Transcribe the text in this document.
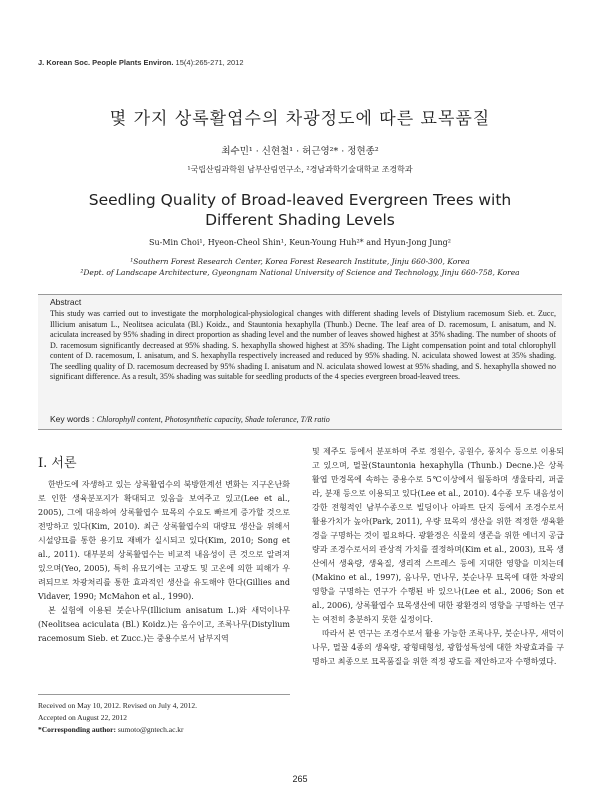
J. Korean Soc. People Plants Environ. 15(4):265-271, 2012
몇 가지 상록활엽수의 차광정도에 따른 묘목품질
최수민¹ · 신현철¹ · 허근영²* · 정현종²
¹국립산림과학원 남부산림연구소, ²경남과학기술대학교 조경학과
Seedling Quality of Broad-leaved Evergreen Trees with
Different Shading Levels
Su-Min Choi¹, Hyeon-Cheol Shin¹, Keun-Young Huh²* and Hyun-Jong Jung²
¹Southern Forest Research Center, Korea Forest Research Institute, Jinju 660-300, Korea
²Dept. of Landscape Architecture, Gyeongnam National University of Science and Technology, Jinju 660-758, Korea
Abstract
This study was carried out to investigate the morphological-physiological changes with different shading levels of Distylium racemosum Sieb. et. Zucc, Illicium anisatum L., Neolitsea aciculata (Bl.) Koidz., and Stauntonia hexaphylla (Thunb.) Decne. The leaf area of D. racemosum, I. anisatum, and N. aciculata increased by 95% shading in direct proportion as shading level and the number of leaves showed highest at 35% shading. The number of shoots of D. racemosum significantly decreased at 95% shading. S. hexaphylla showed highest at 35% shading. The Light compensation point and total chlorophyll content of D. racemosum, I. anisatum, and S. hexaphylla respectively increased and reduced by 95% shading. N. aciculata showed lowest at 35% shading. The seedling quality of D. racemosum decreased by 95% shading I. anisatum and N. aciculata showed lowest at 95% shading, and S. hexaphylla showed no significant difference. As a result, 35% shading was suitable for seedling products of the 4 species evergreen broad-leaved trees.
Key words : Chlorophyll content, Photosynthetic capacity, Shade tolerance, T/R ratio
Ⅰ. 서론

한반도에 자생하고 있는 상록활엽수의 북방한계선 변화는 지구온난화로 인한 생육분포지가 확대되고 있음을 보여주고 있고(Lee et al., 2005), 그에 대응하여 상록활엽수 묘목의 수요도 빠르게 증가할 것으로 전망하고 있다(Kim, 2010). 최근 상록활엽수의 대량묘 생산을 위해서 시설양묘를 통한 용기묘 재배가 실시되고 있다(Kim, 2010; Song et al., 2011). 대부분의 상록활엽수는 비교적 내음성이 큰 것으로 알려져 있으며(Yeo, 2005), 특히 유묘기에는 고광도 및 고온에 의한 피해가 우려되므로 차광처리를 통한 효과적인 생산을 유도해야 한다(Gillies and Vidaver, 1990; McMahon et al., 1990).

본 실험에 이용된 붓순나무(Illicium anisatum L.)와 새덕이나무(Neolitsea aciculata (Bl.) Koidz.)는 음수이고, 조록나무(Distylium racemosum Sieb. et Zucc.)는 중용수로서 남부지역

및 제주도 등에서 분포하며 주로 정원수, 공원수, 풍치수 등으로 이용되고 있으며, 멀꿀(Stauntonia hexaphylla (Thunb.) Decne.)은 상록활엽 만경목에 속하는 중용수로 5℃이상에서 월동하며 생울타리, 퍼골라, 분재 등으로 이용되고 있다(Lee et al., 2010). 4수종 모두 내음성이 강한 전형적인 남부수종으로 빌딩이나 아파트 단지 등에서 조경수로서 활용가치가 높아(Park, 2011), 우량 묘목의 생산을 위한 적정한 생육환경을 구명하는 것이 필요하다. 광환경은 식물의 생존을 위한 에너지 공급량과 조경수로서의 관상적 가치를 결정하며(Kim et al., 2003), 묘목 생산에서 생육량, 생육질, 생리적 스트레스 등에 지대한 영향을 미치는데(Makino et al., 1997), 음나무, 먼나무, 붓순나무 묘목에 대한 차광의 영향을 구명하는 연구가 수행된 바 있으나(Lee et al., 2006; Son et al., 2006), 상록활엽수 묘목생산에 대한 광환경의 영향을 구명하는 연구는 여전히 충분하지 못한 실정이다.

따라서 본 연구는 조경수로서 활용 가능한 조록나무, 붓순나무, 새덕이나무, 멀꿀 4종의 생육량, 광형태형성, 광합성특성에 대한 차광효과를 구명하고 최종으로 묘목품질을 위한 적정 광도를 제안하고자 수행하였다.

Received on May 10, 2012. Revised on July 4, 2012.
Accepted on August 22, 2012
*Corresponding author: sumoto@gntech.ac.kr
265
